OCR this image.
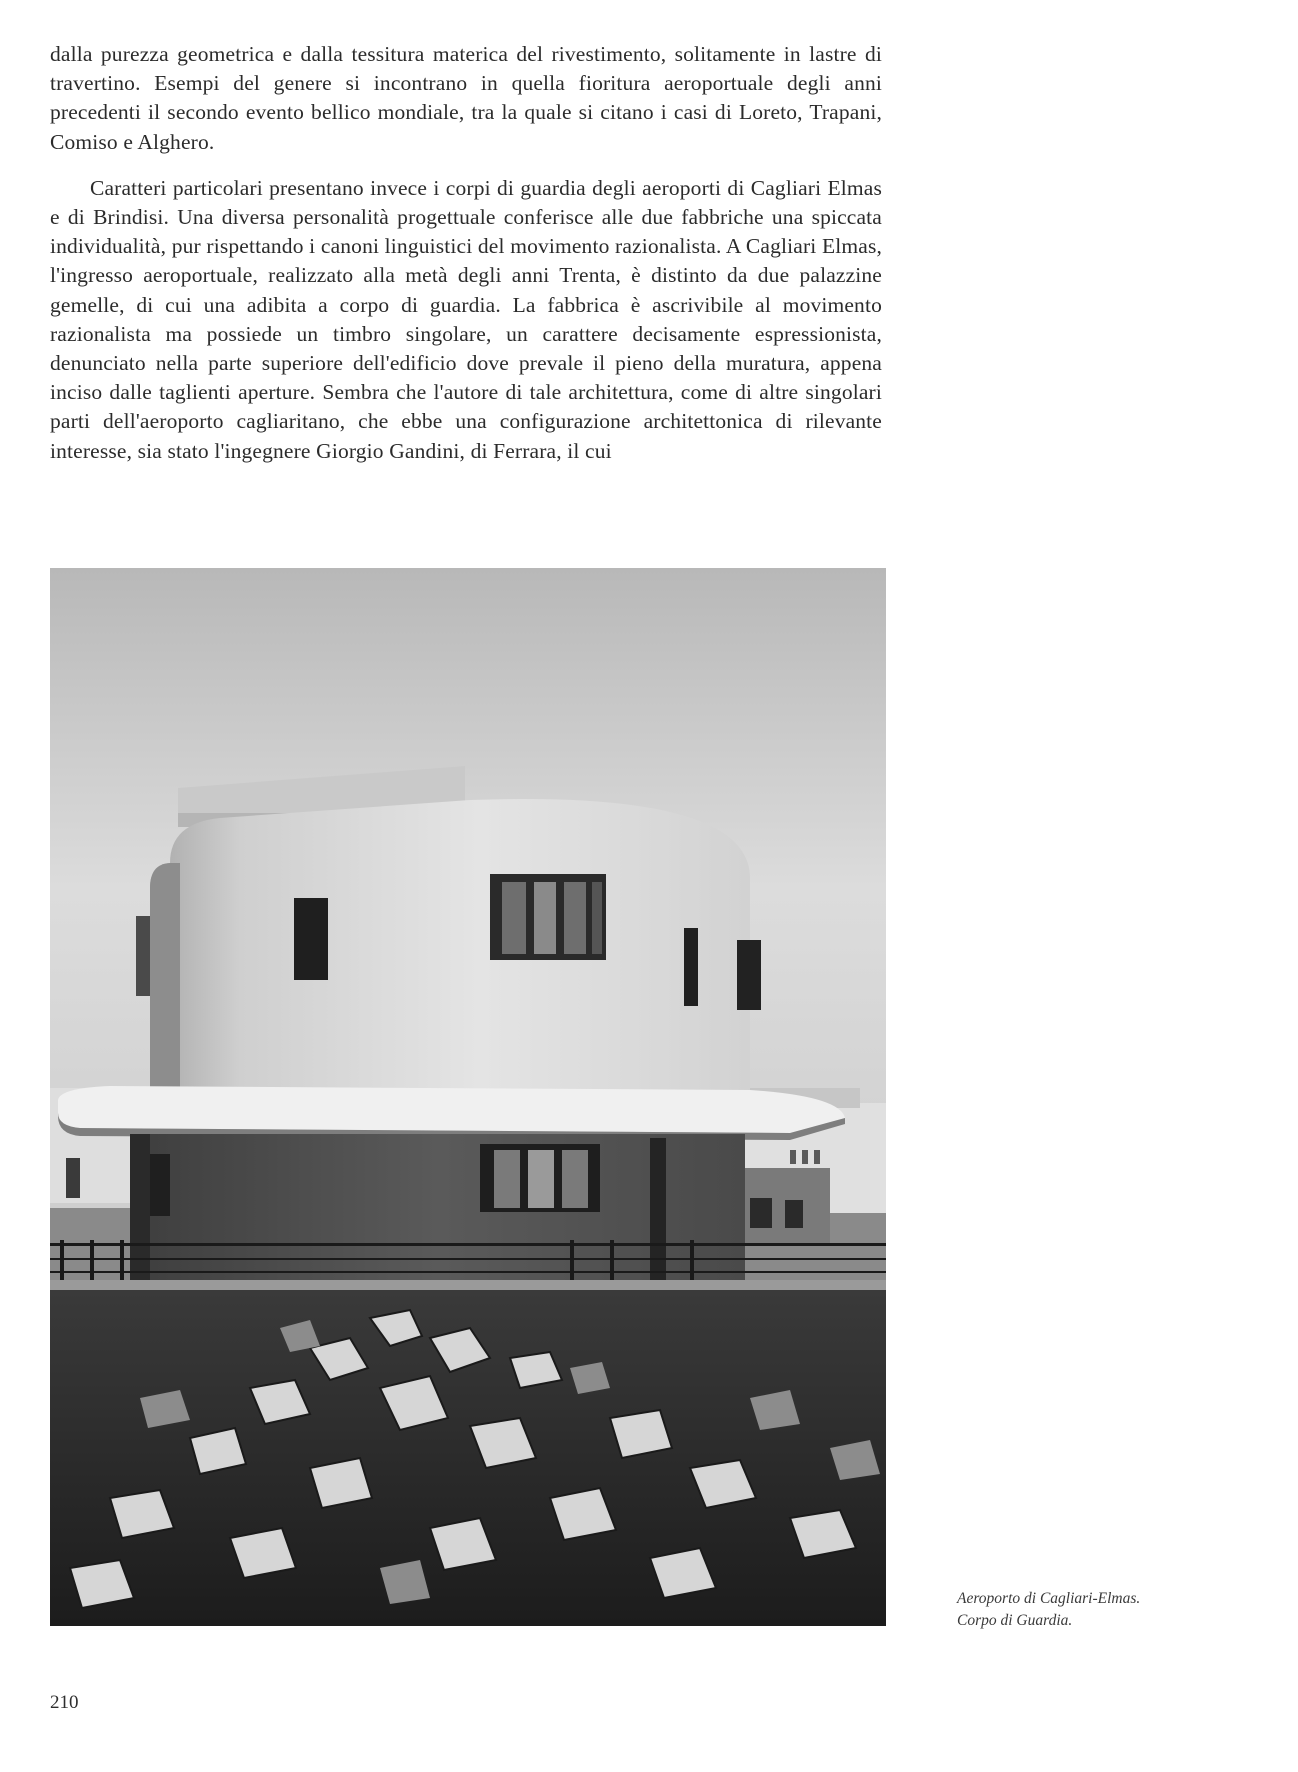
dalla purezza geometrica e dalla tessitura materica del rivestimento, solitamente in lastre di travertino. Esempi del genere si incontrano in quella fioritura aeroportuale degli anni precedenti il secondo evento bellico mondiale, tra la quale si citano i casi di Loreto, Trapani, Comiso e Alghero.

Caratteri particolari presentano invece i corpi di guardia degli aeroporti di Cagliari Elmas e di Brindisi. Una diversa personalità progettuale conferisce alle due fabbriche una spiccata individualità, pur rispettando i canoni linguistici del movimento razionalista. A Cagliari Elmas, l'ingresso aeroportuale, realizzato alla metà degli anni Trenta, è distinto da due palazzine gemelle, di cui una adibita a corpo di guardia. La fabbrica è ascrivibile al movimento razionalista ma possiede un timbro singolare, un carattere decisamente espressionista, denunciato nella parte superiore dell'edificio dove prevale il pieno della muratura, appena inciso dalle taglienti aperture. Sembra che l'autore di tale architettura, come di altre singolari parti dell'aeroporto cagliaritano, che ebbe una configurazione architettonica di rilevante interesse, sia stato l'ingegnere Giorgio Gandini, di Ferrara, il cui

Aeroporto di Cagliari-Elmas.
Corpo di Guardia.
210
